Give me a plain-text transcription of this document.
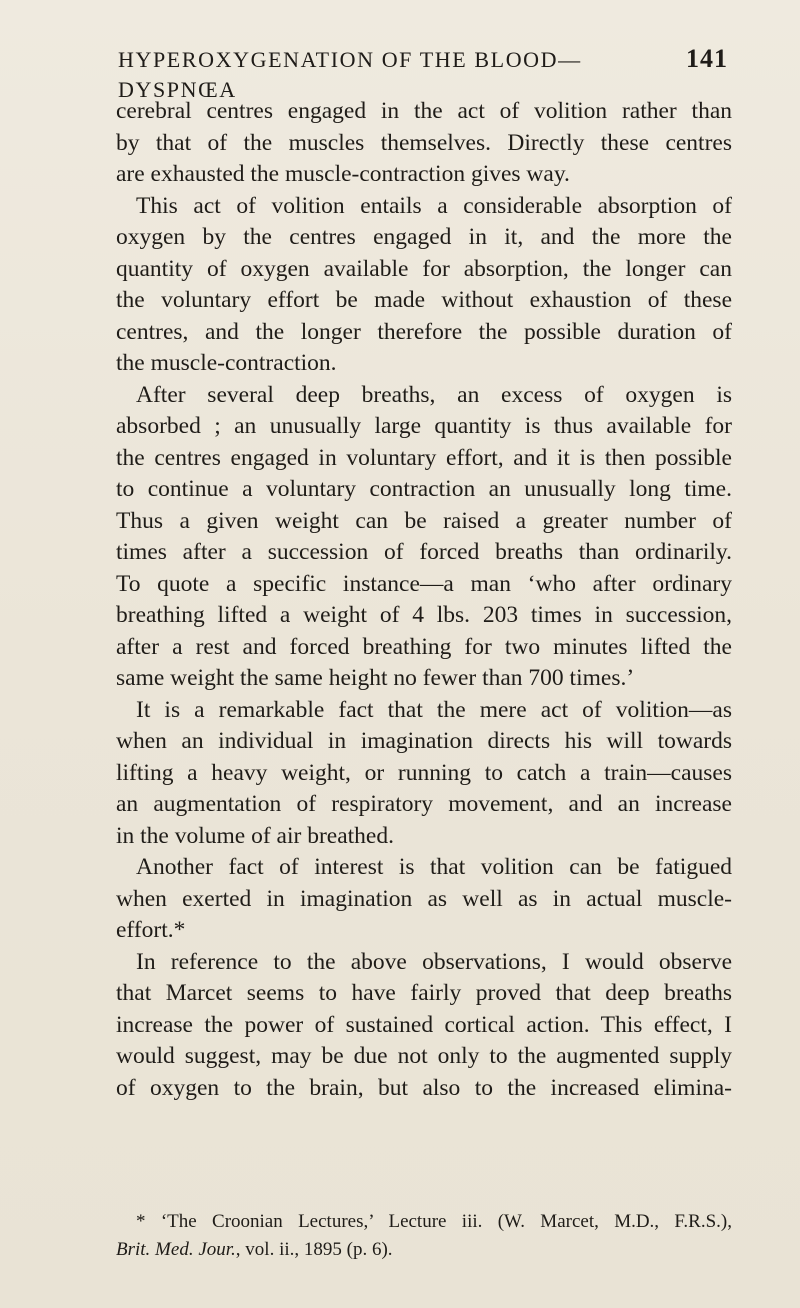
HYPEROXYGENATION OF THE BLOOD—DYSPNŒA
141
cerebral centres engaged in the act of volition rather than
by that of the muscles themselves. Directly these centres
are exhausted the muscle-contraction gives way.
This act of volition entails a considerable absorption of
oxygen by the centres engaged in it, and the more the
quantity of oxygen available for absorption, the longer can
the voluntary effort be made without exhaustion of these
centres, and the longer therefore the possible duration of
the muscle-contraction.
After several deep breaths, an excess of oxygen is
absorbed ; an unusually large quantity is thus available for
the centres engaged in voluntary effort, and it is then possible
to continue a voluntary contraction an unusually long time.
Thus a given weight can be raised a greater number of
times after a succession of forced breaths than ordinarily.
To quote a specific instance—a man ‘who after ordinary
breathing lifted a weight of 4 lbs. 203 times in succession,
after a rest and forced breathing for two minutes lifted the
same weight the same height no fewer than 700 times.’
It is a remarkable fact that the mere act of volition—as
when an individual in imagination directs his will towards
lifting a heavy weight, or running to catch a train—causes
an augmentation of respiratory movement, and an increase
in the volume of air breathed.
Another fact of interest is that volition can be fatigued
when exerted in imagination as well as in actual muscle-
effort.*
In reference to the above observations, I would observe
that Marcet seems to have fairly proved that deep breaths
increase the power of sustained cortical action. This effect, I
would suggest, may be due not only to the augmented supply
of oxygen to the brain, but also to the increased elimina-
* ‘The Croonian Lectures,’ Lecture iii. (W. Marcet, M.D., F.R.S.),
Brit. Med. Jour., vol. ii., 1895 (p. 6).
